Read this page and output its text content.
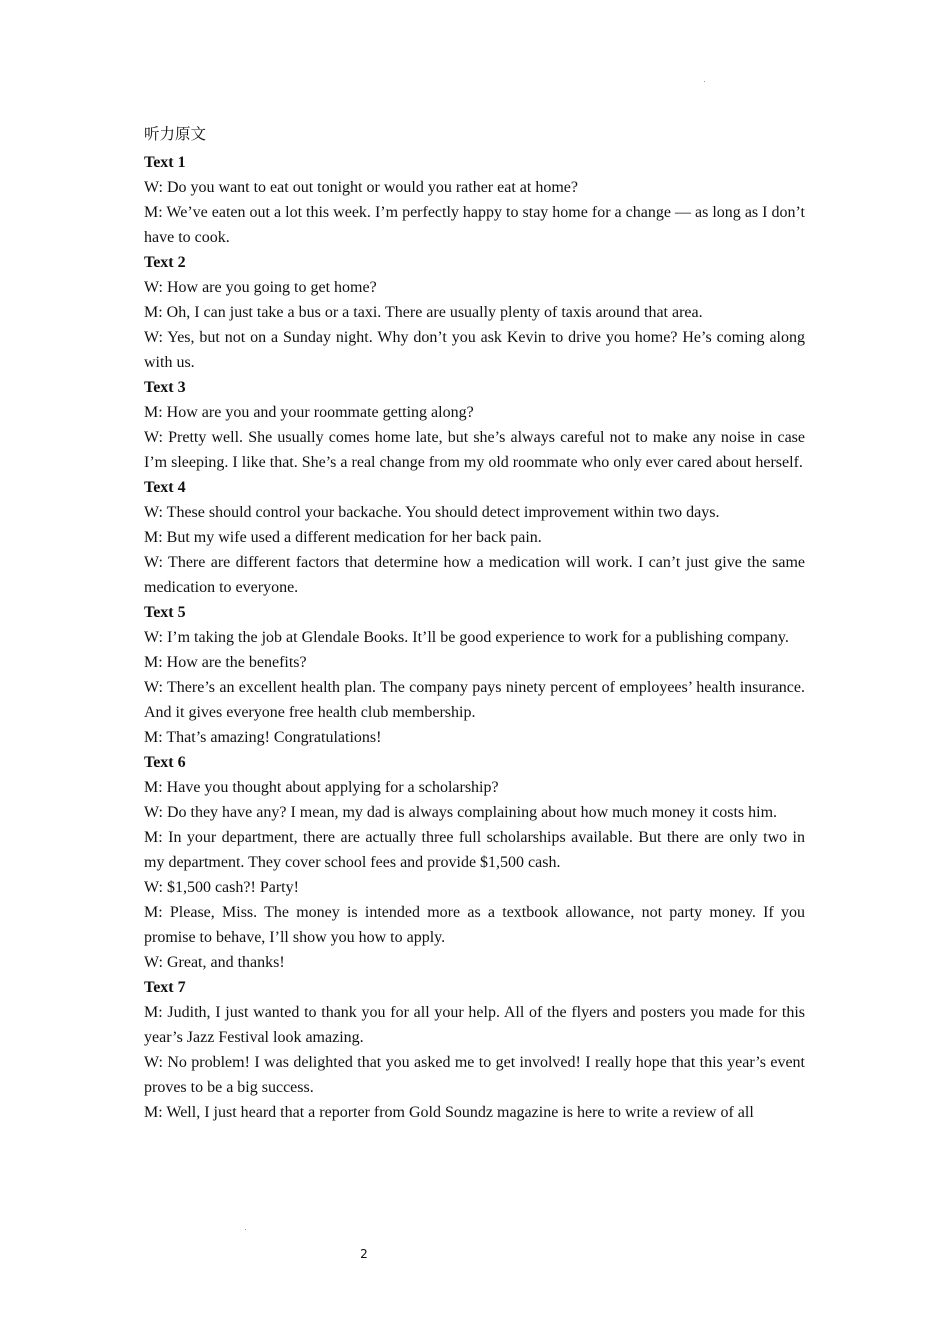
听力原文

Text 1

W: Do you want to eat out tonight or would you rather eat at home?

M: We’ve eaten out a lot this week. I’m perfectly happy to stay home for a change — as long as I don’t have to cook.

Text 2

W: How are you going to get home?

M: Oh, I can just take a bus or a taxi. There are usually plenty of taxis around that area.

W: Yes, but not on a Sunday night. Why don’t you ask Kevin to drive you home? He’s coming along with us.

Text 3

M: How are you and your roommate getting along?

W: Pretty well. She usually comes home late, but she’s always careful not to make any noise in case I’m sleeping. I like that. She’s a real change from my old roommate who only ever cared about herself.

Text 4

W: These should control your backache. You should detect improvement within two days.

M: But my wife used a different medication for her back pain.

W: There are different factors that determine how a medication will work. I can’t just give the same medication to everyone.

Text 5

W: I’m taking the job at Glendale Books. It’ll be good experience to work for a publishing company.

M: How are the benefits?

W: There’s an excellent health plan. The company pays ninety percent of employees’ health insurance. And it gives everyone free health club membership.

M: That’s amazing! Congratulations!

Text 6

M: Have you thought about applying for a scholarship?

W: Do they have any? I mean, my dad is always complaining about how much money it costs him.

M: In your department, there are actually three full scholarships available. But there are only two in my department. They cover school fees and provide $1,500 cash.

W: $1,500 cash?! Party!

M: Please, Miss. The money is intended more as a textbook allowance, not party money. If you promise to behave, I’ll show you how to apply.

W: Great, and thanks!

Text 7

M: Judith, I just wanted to thank you for all your help. All of the flyers and posters you made for this year’s Jazz Festival look amazing.

W: No problem! I was delighted that you asked me to get involved! I really hope that this year’s event proves to be a big success.

M: Well, I just heard that a reporter from Gold Soundz magazine is here to write a review of all

2
